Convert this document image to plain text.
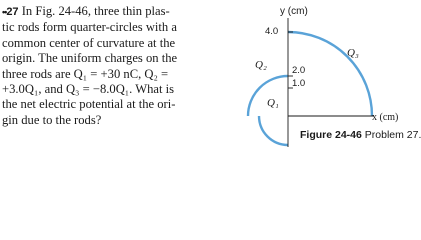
••27 In Fig. 24-46, three thin plas-
tic rods form quarter-circles with a
common center of curvature at the
origin. The uniform charges on the
three rods are Q₁ = +30 nC, Q₂ =
+3.0Q₁, and Q₃ = −8.0Q₁. What is
the net electric potential at the ori-
gin due to the rods?
y (cm)
4.0
2.0
1.0
x (cm)
Q₂
Q₃
Q₁
Figure 24-46 Problem 27.
